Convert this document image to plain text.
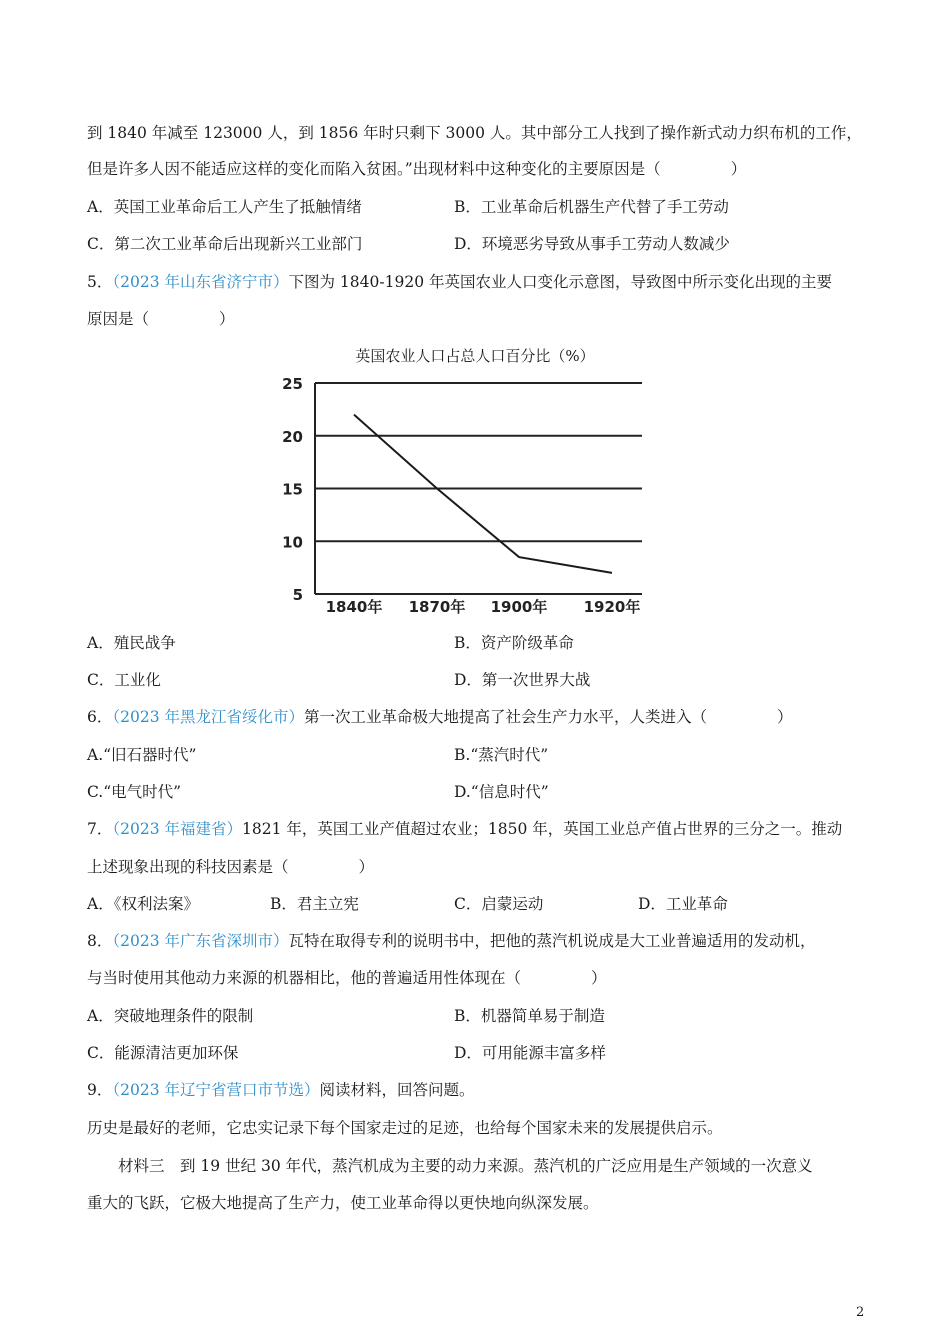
到 1840 年减至 123000 人，到 1856 年时只剩下 3000 人。其中部分工人找到了操作新式动力织布机的工作，
但是许多人因不能适应这样的变化而陷入贫困。”出现材料中这种变化的主要原因是（	）
A．英国工业革命后工人产生了抵触情绪	B．工业革命后机器生产代替了手工劳动
C．第二次工业革命后出现新兴工业部门	D．环境恶劣导致从事手工劳动人数减少
5．（2023 年山东省济宁市）下图为 1840-1920 年英国农业人口变化示意图，导致图中所示变化出现的主要
原因是（	）
英国农业人口占总人口百分比（%）
25
20
15
10
5
1840年 1870年 1900年 1920年
A．殖民战争	B．资产阶级革命
C．工业化	D．第一次世界大战
6．（2023 年黑龙江省绥化市）第一次工业革命极大地提高了社会生产力水平，人类进入（	）
A.“旧石器时代”	B.“蒸汽时代”
C.“电气时代”	D.“信息时代”
7．（2023 年福建省）1821 年，英国工业产值超过农业；1850 年，英国工业总产值占世界的三分之一。推动
上述现象出现的科技因素是（	）
A．《权利法案》	B．君主立宪	C．启蒙运动	D．工业革命
8．（2023 年广东省深圳市）瓦特在取得专利的说明书中，把他的蒸汽机说成是大工业普遍适用的发动机，
与当时使用其他动力来源的机器相比，他的普遍适用性体现在（	）
A．突破地理条件的限制	B．机器简单易于制造
C．能源清洁更加环保	D．可用能源丰富多样
9．（2023 年辽宁省营口市节选）阅读材料，回答问题。
历史是最好的老师，它忠实记录下每个国家走过的足迹，也给每个国家未来的发展提供启示。
材料三　到 19 世纪 30 年代，蒸汽机成为主要的动力来源。蒸汽机的广泛应用是生产领域的一次意义
重大的飞跃，它极大地提高了生产力，使工业革命得以更快地向纵深发展。
2
